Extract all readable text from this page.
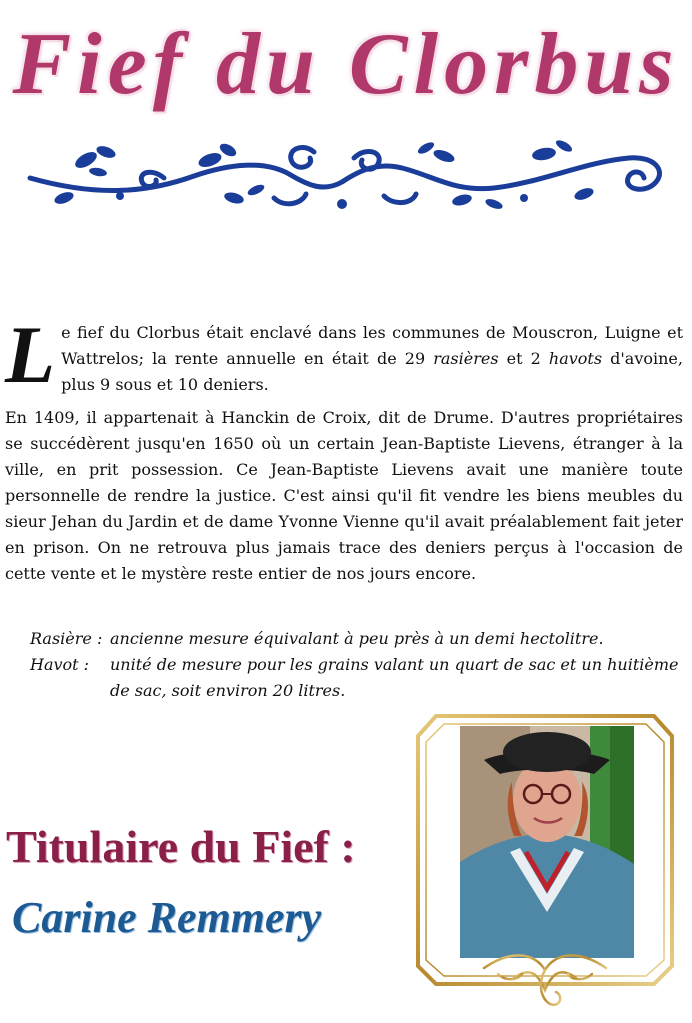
Fief du Clorbus

Le fief du Clorbus était enclavé dans les communes de Mouscron, Luigne et Wattrelos; la rente annuelle en était de 29 rasières et 2 havots d'avoine, plus 9 sous et 10 deniers.

En 1409, il appartenait à Hanckin de Croix, dit de Drume. D'autres propriétaires se succédèrent jusqu'en 1650 où un certain Jean-Baptiste Lievens, étranger à la ville, en prit possession. Ce Jean-Baptiste Lievens avait une manière toute personnelle de rendre la justice. C'est ainsi qu'il fit vendre les biens meubles du sieur Jehan du Jardin et de dame Yvonne Vienne qu'il avait préalablement fait jeter en prison. On ne retrouva plus jamais trace des deniers perçus à l'occasion de cette vente et le mystère reste entier de nos jours encore.

Rasière : ancienne mesure équivalant à peu près à un demi hectolitre.
Havot :	unité de mesure pour les grains valant un quart de sac et un huitième de sac, soit environ 20 litres.
Titulaire du Fief :
Carine Remmery
